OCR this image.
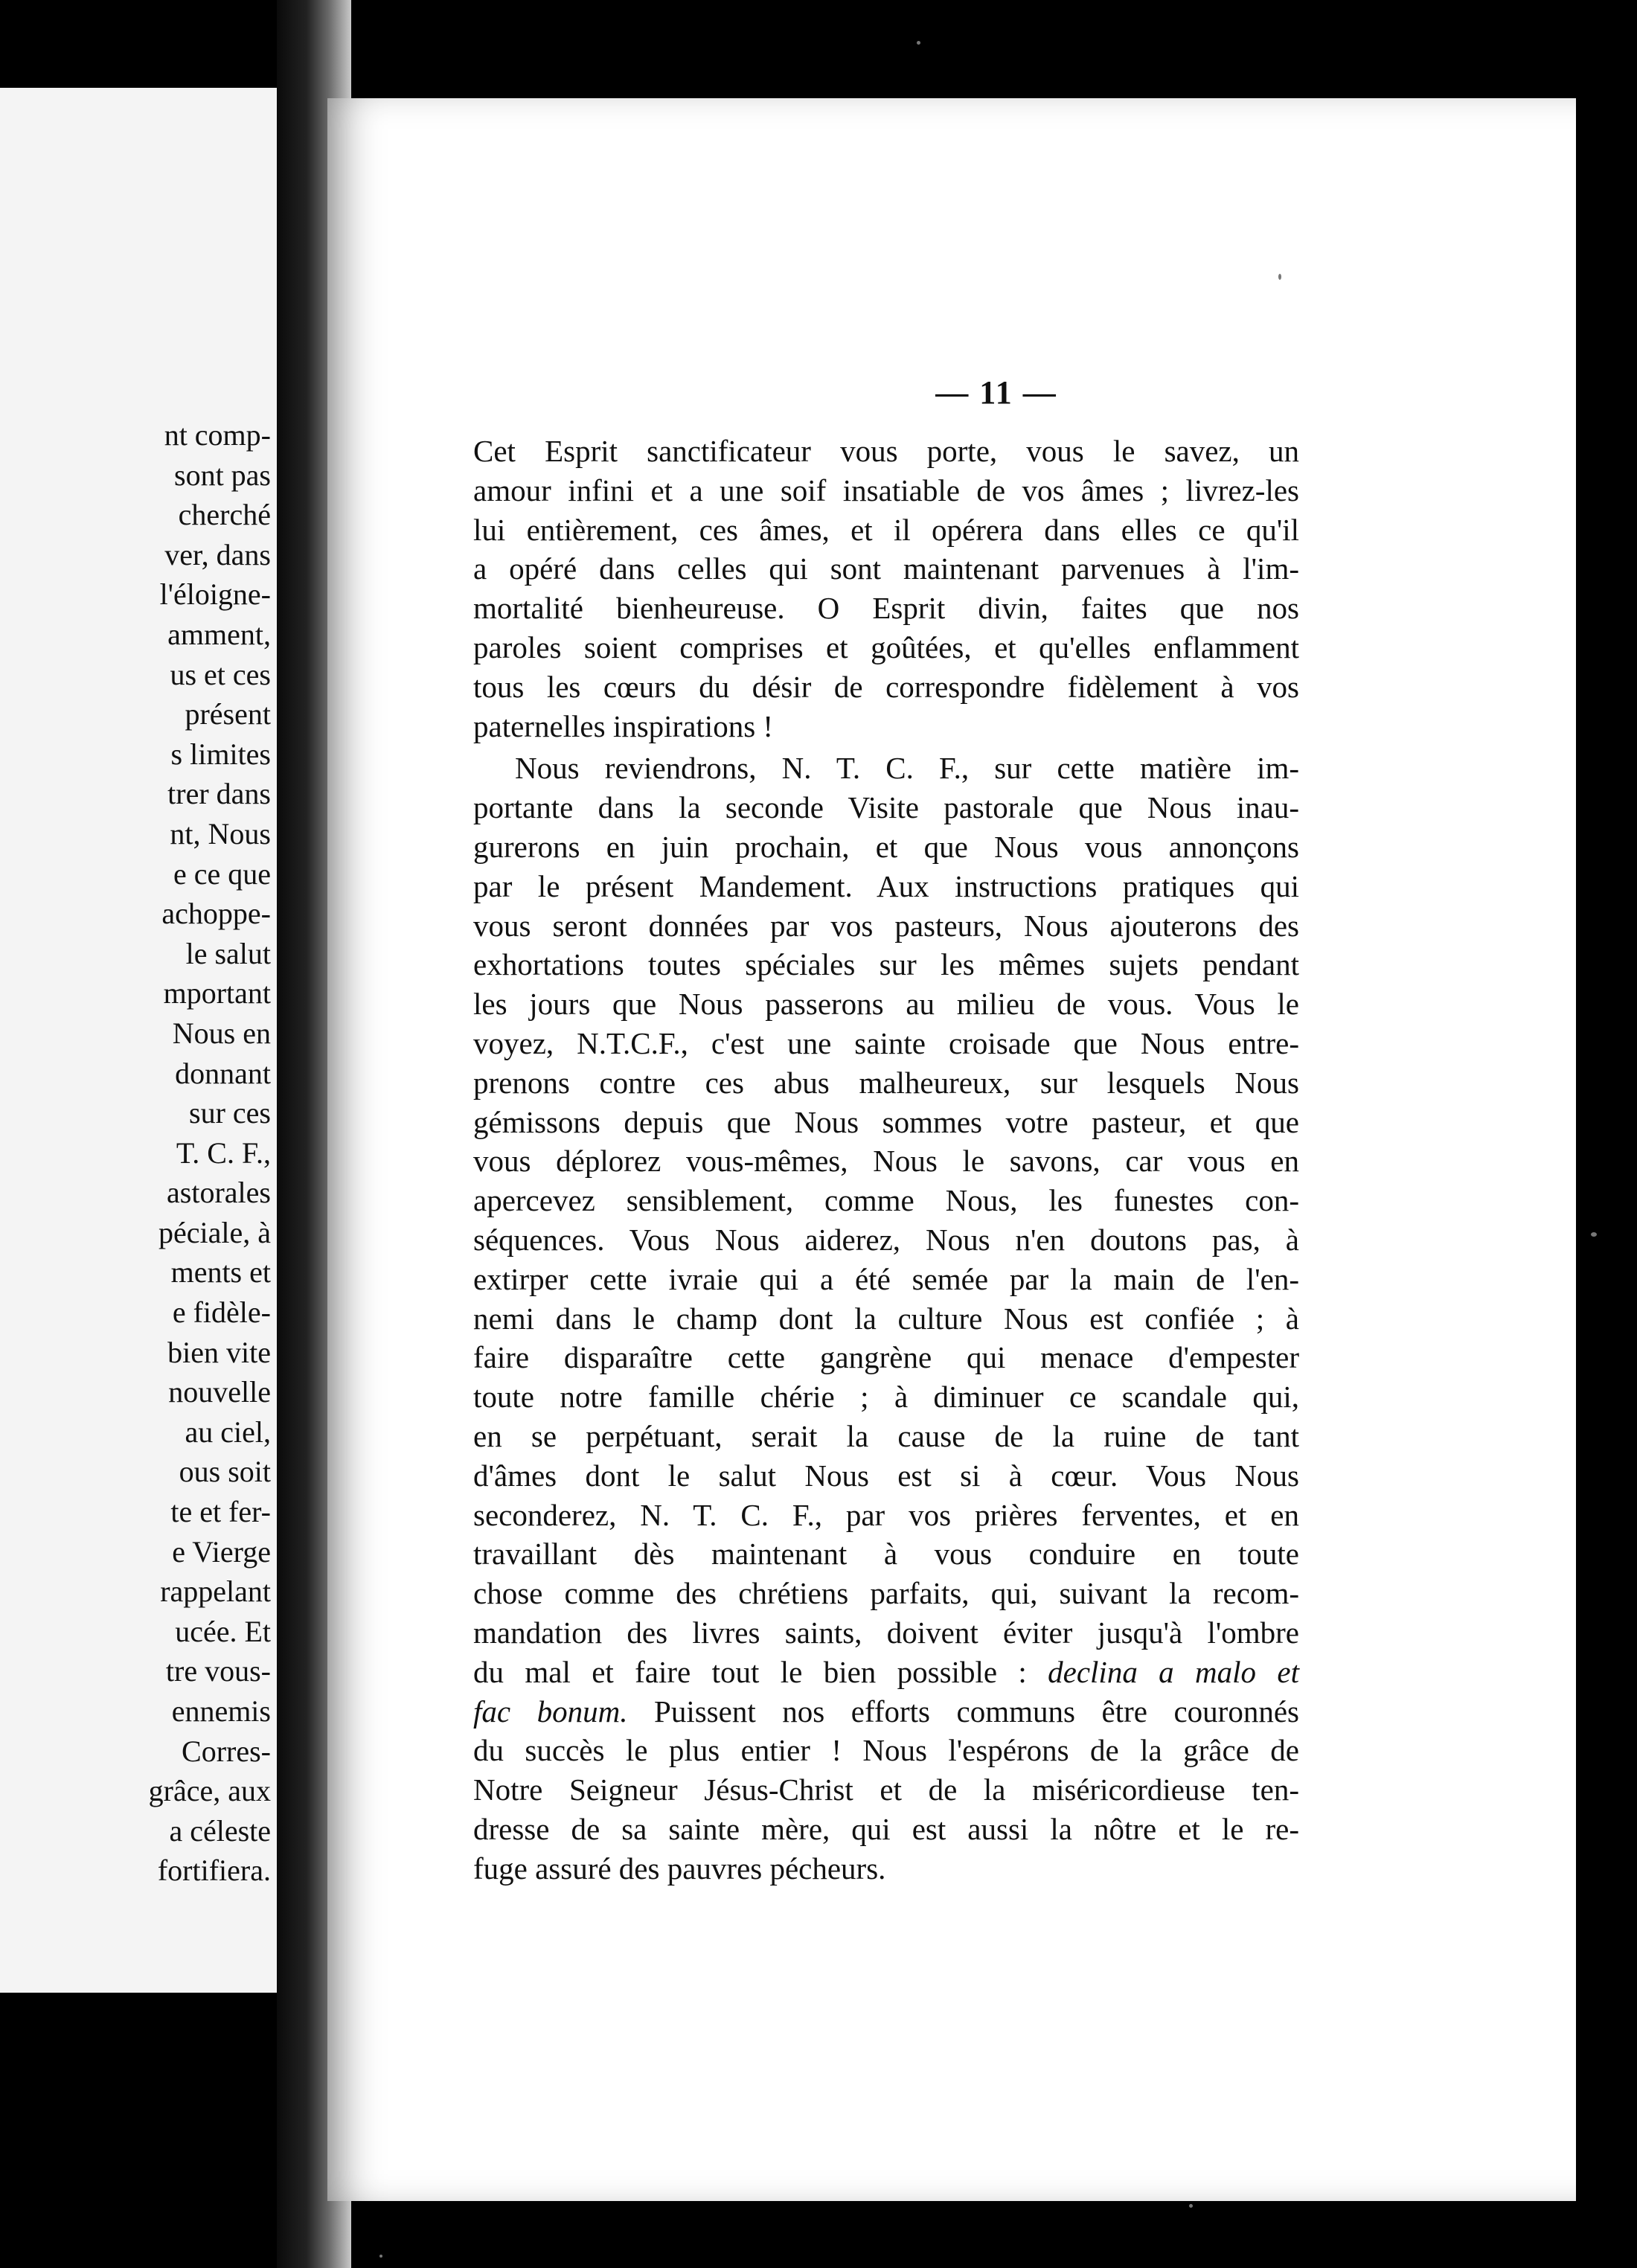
nt comp-
sont pas
cherché
ver, dans
l'éloigne-
amment,
us et ces
présent
s limites
trer dans
nt, Nous
e ce que
achoppe-
le salut
mportant
Nous en
donnant
sur ces
T. C. F.,
astorales
péciale, à
ments et
e fidèle-
bien vite
nouvelle
au ciel,
ous soit
te et fer-
e Vierge
rappelant
ucée. Et
tre vous-
ennemis
Corres-
grâce, aux
a céleste
fortifiera.
— 11 —
Cet Esprit sanctificateur vous porte, vous le savez, un
amour infini et a une soif insatiable de vos âmes ; livrez-les
lui entièrement, ces âmes, et il opérera dans elles ce qu'il
a opéré dans celles qui sont maintenant parvenues à l'im-
mortalité bienheureuse. O Esprit divin, faites que nos
paroles soient comprises et goûtées, et qu'elles enflamment
tous les cœurs du désir de correspondre fidèlement à vos
paternelles inspirations !
Nous reviendrons, N. T. C. F., sur cette matière im-
portante dans la seconde Visite pastorale que Nous inau-
gurerons en juin prochain, et que Nous vous annonçons
par le présent Mandement. Aux instructions pratiques qui
vous seront données par vos pasteurs, Nous ajouterons des
exhortations toutes spéciales sur les mêmes sujets pendant
les jours que Nous passerons au milieu de vous. Vous le
voyez, N.T.C.F., c'est une sainte croisade que Nous entre-
prenons contre ces abus malheureux, sur lesquels Nous
gémissons depuis que Nous sommes votre pasteur, et que
vous déplorez vous-mêmes, Nous le savons, car vous en
apercevez sensiblement, comme Nous, les funestes con-
séquences. Vous Nous aiderez, Nous n'en doutons pas, à
extirper cette ivraie qui a été semée par la main de l'en-
nemi dans le champ dont la culture Nous est confiée ; à
faire disparaître cette gangrène qui menace d'empester
toute notre famille chérie ; à diminuer ce scandale qui,
en se perpétuant, serait la cause de la ruine de tant
d'âmes dont le salut Nous est si à cœur. Vous Nous
seconderez, N. T. C. F., par vos prières ferventes, et en
travaillant dès maintenant à vous conduire en toute
chose comme des chrétiens parfaits, qui, suivant la recom-
mandation des livres saints, doivent éviter jusqu'à l'ombre
du mal et faire tout le bien possible : declina a malo et
fac bonum. Puissent nos efforts communs être couronnés
du succès le plus entier ! Nous l'espérons de la grâce de
Notre Seigneur Jésus-Christ et de la miséricordieuse ten-
dresse de sa sainte mère, qui est aussi la nôtre et le re-
fuge assuré des pauvres pécheurs.
